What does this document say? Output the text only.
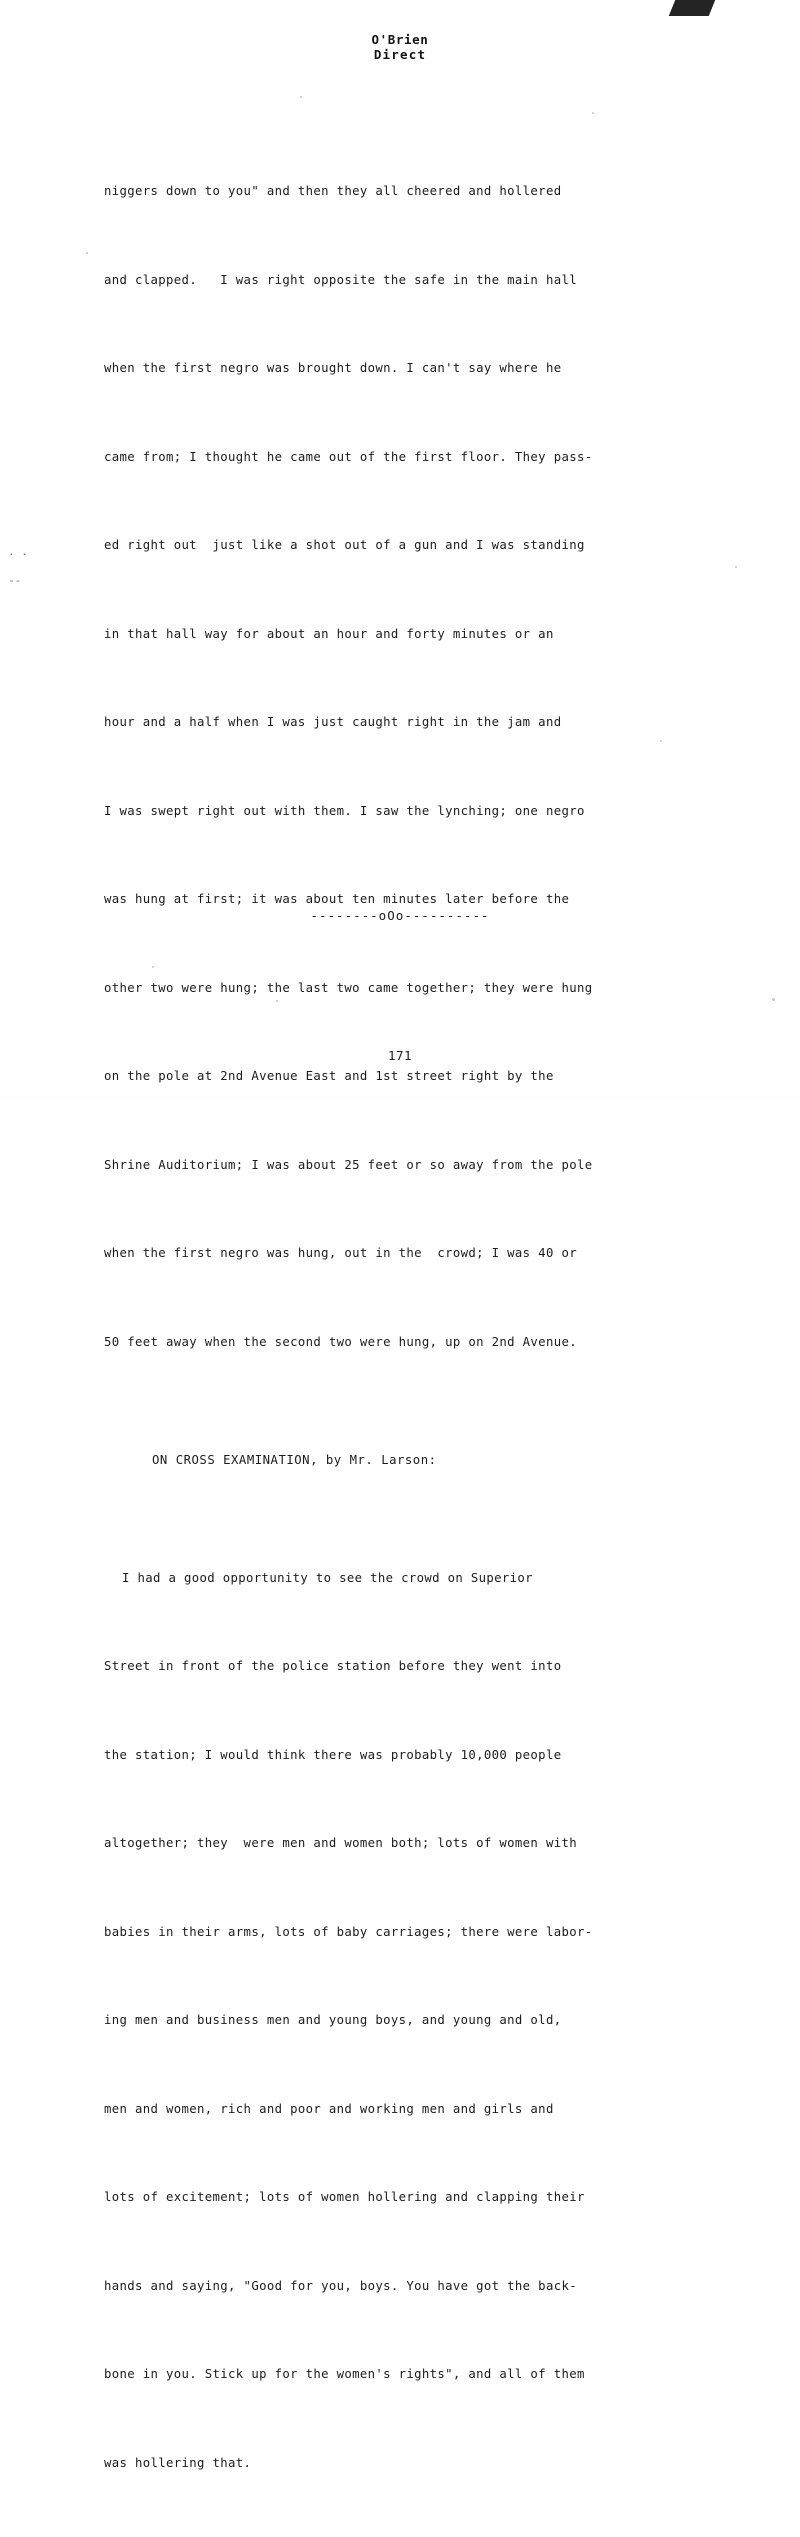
· ·
--
O'Brien
Direct

niggers down to you" and then they all cheered and hollered

and clapped.   I was right opposite the safe in the main hall

when the first negro was brought down. I can't say where he

came from; I thought he came out of the first floor. They pass-

ed right out  just like a shot out of a gun and I was standing

in that hall way for about an hour and forty minutes or an

hour and a half when I was just caught right in the jam and

I was swept right out with them. I saw the lynching; one negro

was hung at first; it was about ten minutes later before the

other two were hung; the last two came together; they were hung

on the pole at 2nd Avenue East and 1st street right by the

Shrine Auditorium; I was about 25 feet or so away from the pole

when the first negro was hung, out in the  crowd; I was 40 or

50 feet away when the second two were hung, up on 2nd Avenue.

ON CROSS EXAMINATION, by Mr. Larson:

I had a good opportunity to see the crowd on Superior

Street in front of the police station before they went into

the station; I would think there was probably 10,000 people

altogether; they  were men and women both; lots of women with

babies in their arms, lots of baby carriages; there were labor-

ing men and business men and young boys, and young and old,

men and women, rich and poor and working men and girls and

lots of excitement; lots of women hollering and clapping their

hands and saying, "Good for you, boys. You have got the back-

bone in you. Stick up for the women's rights", and all of them

was hollering that.

--------oOo----------
171
